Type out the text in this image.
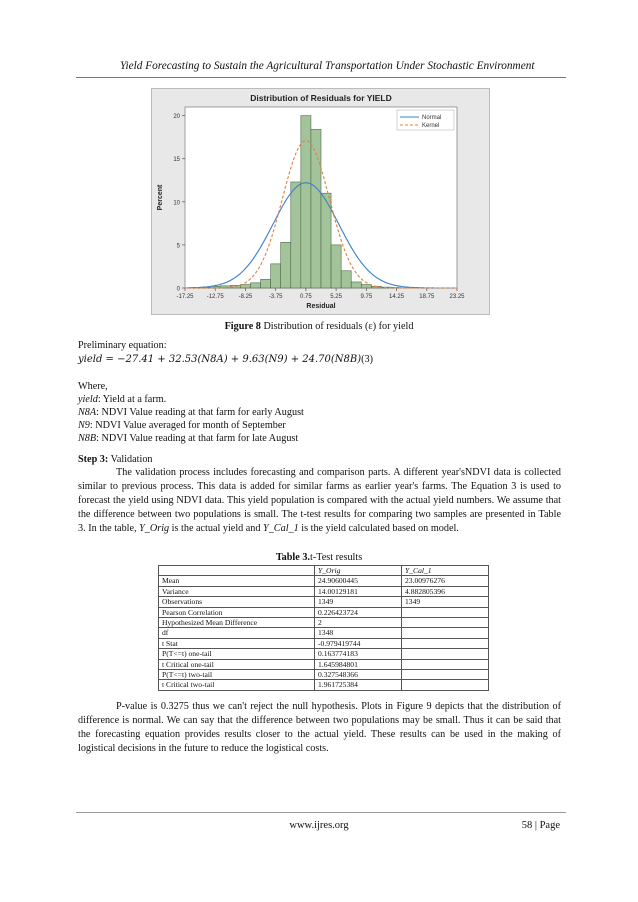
Yield Forecasting to Sustain the Agricultural Transportation Under Stochastic Environment
Distribution of Residuals for YIELD
0
5
10
15
20
Percent
-17.25 -12.75 -8.25	-3.75	0.75	5.25	9.75	14.25	18.75	23.25
Residual
Normal
Kernel
Figure 8 Distribution of residuals (ε) for yield
Preliminary equation:
yield = −27.41 + 32.53(N8A) + 9.63(N9) + 24.70(N8B)(3)
Where,
yield: Yield at a farm.
N8A: NDVI Value reading at that farm for early August
N9: NDVI Value averaged for month of September
N8B: NDVI Value reading at that farm for late August
Step 3: Validation
The validation process includes forecasting and comparison parts. A different year'sNDVI data is collected similar to previous process. This data is added for similar farms as earlier year's farms. The Equation 3 is used to forecast the yield using NDVI data. This yield population is compared with the actual yield numbers. We assume that the difference between two populations is small. The t-test results for comparing two samples are presented in Table 3. In the table, Y_Orig is the actual yield and Y_Cal_1 is the yield calculated based on model.
Table 3.t-Test results
	Y_Orig	Y_Cal_1
Mean	24.90600445	23.00976276
Variance	14.00129181	4.882805396
Observations	1349	1349
Pearson Correlation	0.226423724	
Hypothesized Mean Difference	2	
df	1348	
t Stat	-0.979419744	
P(T<=t) one-tail	0.163774183	
t Critical one-tail	1.645984801	
P(T<=t) two-tail	0.327548366	
t Critical two-tail	1.961725384	
P-value is 0.3275 thus we can't reject the null hypothesis. Plots in Figure 9 depicts that the distribution of difference is normal. We can say that the difference between two populations may be small. Thus it can be said that the forecasting equation provides results closer to the actual yield. These results can be used in the making of logistical decisions in the future to reduce the logistical costs.
www.ijres.org	58 | Page
